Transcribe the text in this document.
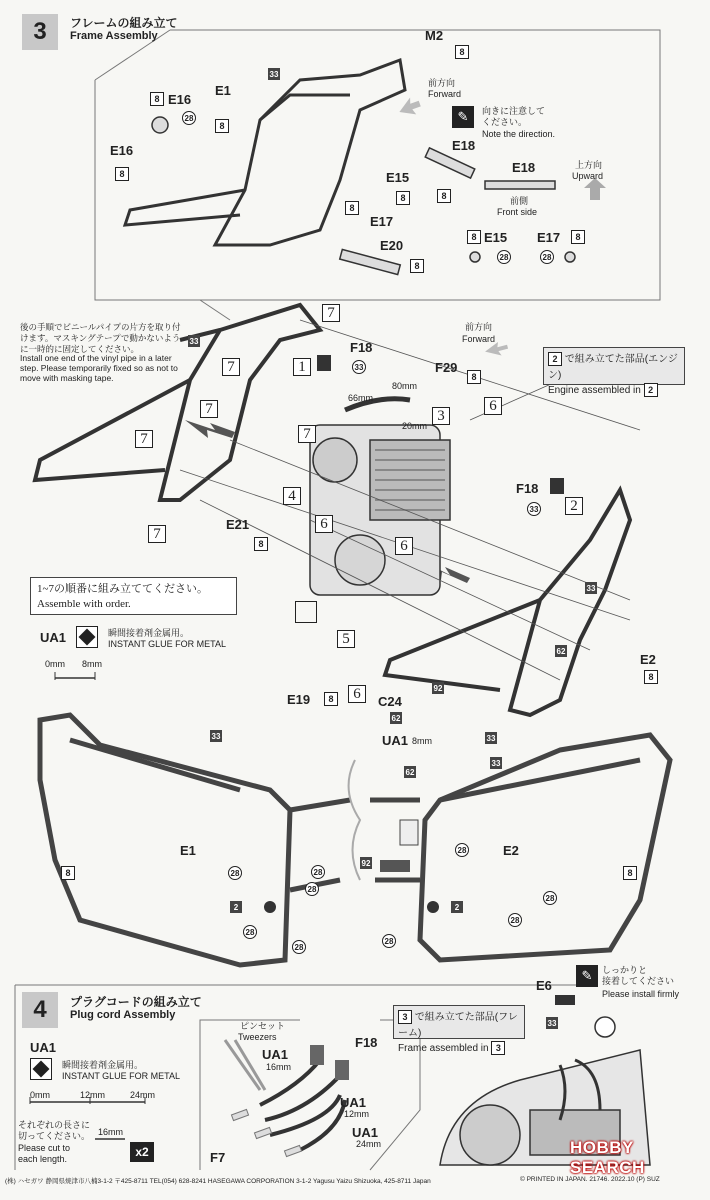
3	フレームの組み立て
Frame Assembly	M2
8
33
E1
8
8 E16
28
E16
8
前方向
Forward
✎	向きに注意して
ください。
Note the direction.
E18
8
E18
前側
Front side
上方向
Upward
E15
8
8
E17
E20
8
8 E15
28
E17	8
28
後の手順でビニールパイプの片方を取り付けます。マスキングテープで動かないように一時的に固定してください。
Install one end of the vinyl pipe in a later step. Please temporarily fixed so as not to move with masking tape.
33
7
7
7
7	7
7
1
2
3
4
5
6
6
6
6
F18
33
前方向
Forward
2 で組み立てた部品(エンジン)
Engine assembled in 2
F29
8
80mm
66mm
20mm
F18
33
33
E21
8
1~7の順番に組み立ててください。
Assemble with order.
UA1	瞬間接着剤金属用。
INSTANT GLUE FOR METAL
0mm 8mm	E2
8
62
E19	8
92
C24
62
UA1 8mm	33
33
33
62
E1	E2
8	8
28	28
28
28
28
28
28
28
28
92
2	2
4	プラグコードの組み立て
Plug cord Assembly
UA1
瞬間接着剤金属用。
INSTANT GLUE FOR METAL
0mm	12mm	24mm
それぞれの長さに
切ってください。
Please cut to
each length.
16mm
x2
ピンセット
Tweezers
UA1
16mm
F18
UA1
12mm
UA1
24mm
F7
3 で組み立てた部品(フレーム)
Frame assembled in 3
E6
33
✎	しっかりと
接着してください
Please install firmly
(株) ハセガワ 静岡県焼津市八楠3-1-2 〒425-8711 TEL(054) 628-8241 HASEGAWA CORPORATION 3-1-2 Yagusu Yaizu Shizuoka, 425-8711 Japan	© PRINTED IN JAPAN. 21746. 2022.10 (P) SUZ
HOBBY SEARCH
